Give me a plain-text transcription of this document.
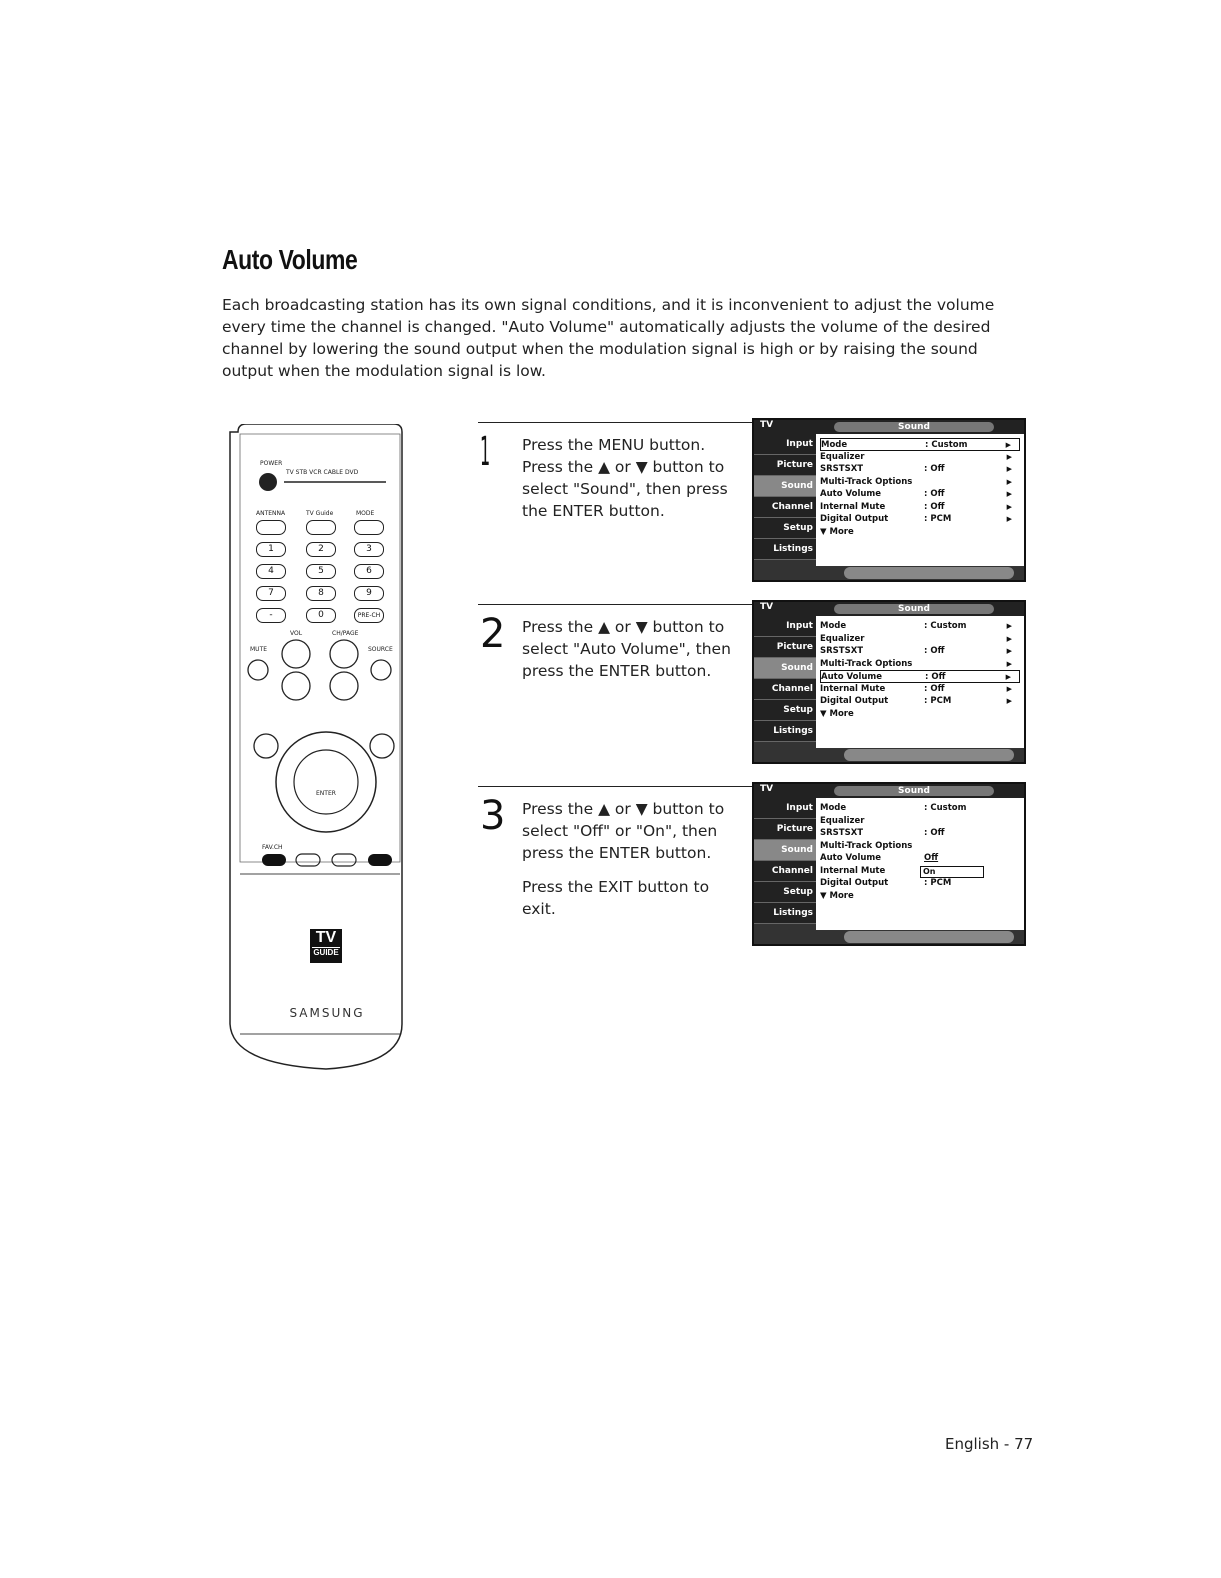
Auto Volume
Each broadcasting station has its own signal conditions, and it is inconvenient to adjust the volume every time the channel is changed. "Auto Volume" automatically adjusts the volume of the desired channel by lowering the sound output when the modulation signal is high or by raising the sound output when the modulation signal is low.
POWER
TV STB VCR CABLE DVD
ANTENNA	TV Guide	MODE
1	2	3
4	5	6
7	8	9
-	0	PRE-CH
VOL	CH/PAGE
MUTE	SOURCE
ENTER
FAV.CH
TV
GUIDE
SAMSUNG
1 Press the MENU button. Press the ▲ or ▼ button to select "Sound", then press the ENTER button.
TV	Sound
Input
Picture
Sound
Channel
Setup
Listings
Mode	: Custom	▶
Equalizer	▶
SRSTSXT	: Off	▶
Multi-Track Options	▶
Auto Volume	: Off	▶
Internal Mute	: Off	▶
Digital Output	: PCM	▶
▼ More
2 Press the ▲ or ▼ button to select "Auto Volume", then press the ENTER button.
TV	Sound
Input
Picture
Sound
Channel
Setup
Listings
Mode	: Custom	▶
Equalizer	▶
SRSTSXT	: Off	▶
Multi-Track Options	▶
Auto Volume	: Off	▶
Internal Mute	: Off	▶
Digital Output	: PCM	▶
▼ More
3 Press the ▲ or ▼ button to select "Off" or "On", then press the ENTER button.
Press the EXIT button to exit.
TV	Sound
Input
Picture
Sound
Channel
Setup
Listings
Mode	: Custom
Equalizer
SRSTSXT	: Off
Multi-Track Options
Auto Volume	Off
Internal Mute	On
Digital Output	: PCM
▼ More
English - 77
